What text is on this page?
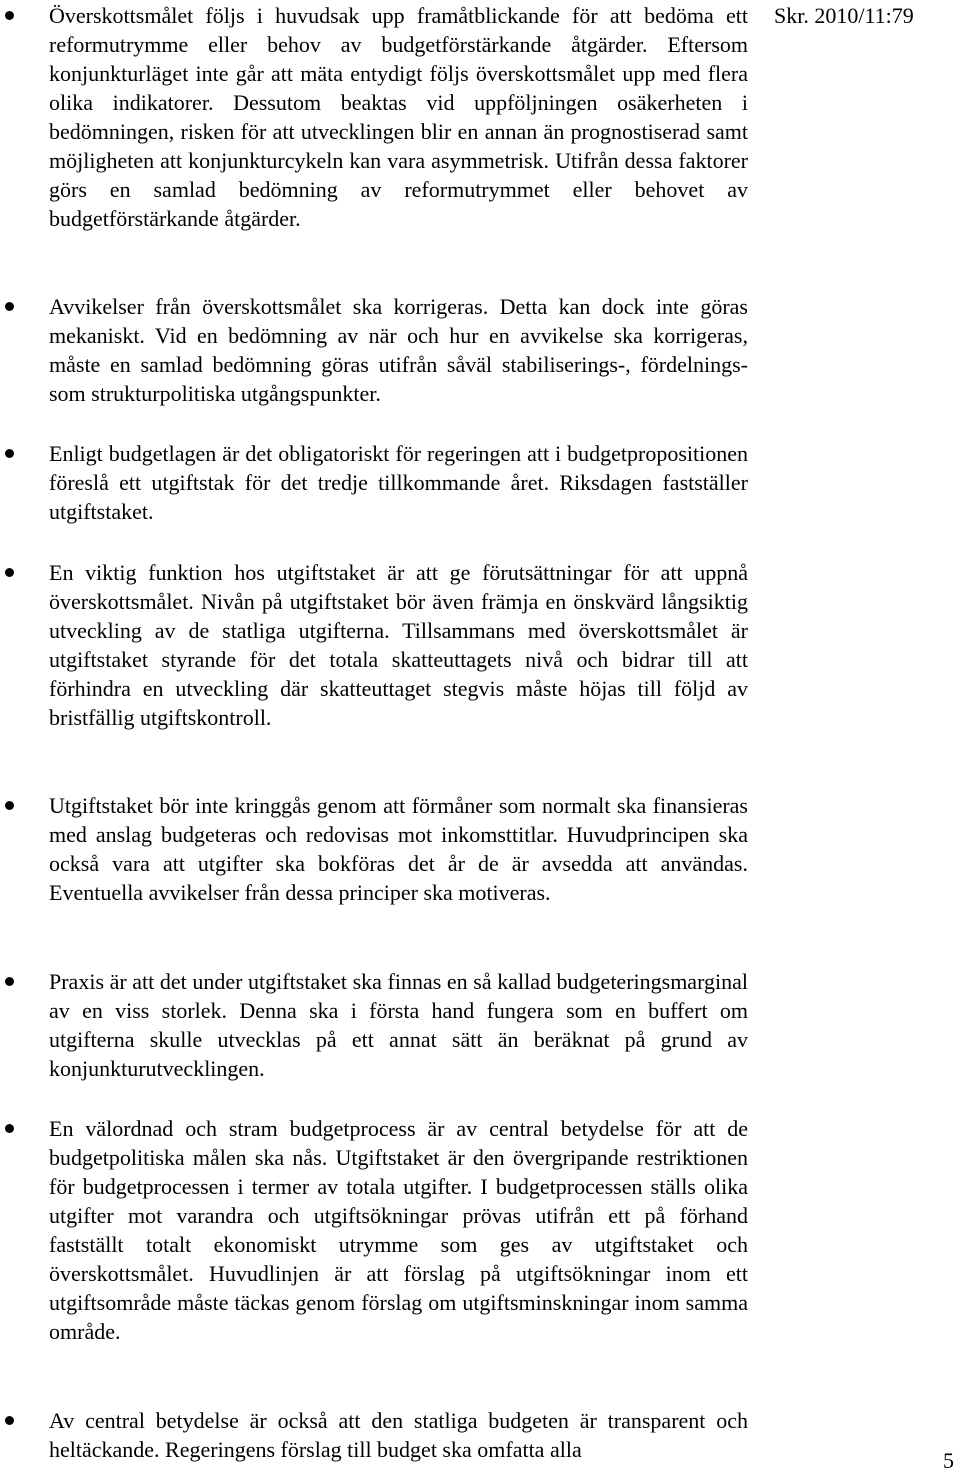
Överskottsmålet följs i huvudsak upp framåtblickande för att bedöma ett reformutrymme eller behov av budgetförstärkande åtgärder. Eftersom konjunkturläget inte går att mäta entydigt följs överskottsmålet upp med flera olika indikatorer. Dessutom beaktas vid uppföljningen osäkerheten i bedömningen, risken för att utvecklingen blir en annan än prognostiserad samt möjligheten att konjunkturcykeln kan vara asymmetrisk. Utifrån dessa faktorer görs en samlad bedömning av reformutrymmet eller behovet av budgetförstärkande åtgärder.

Avvikelser från överskottsmålet ska korrigeras. Detta kan dock inte göras mekaniskt. Vid en bedömning av när och hur en avvikelse ska korrigeras, måste en samlad bedömning göras utifrån såväl stabiliserings-, fördelnings- som strukturpolitiska utgångspunkter.

Enligt budgetlagen är det obligatoriskt för regeringen att i budgetpropositionen föreslå ett utgiftstak för det tredje tillkommande året. Riksdagen fastställer utgiftstaket.

En viktig funktion hos utgiftstaket är att ge förutsättningar för att uppnå överskottsmålet. Nivån på utgiftstaket bör även främja en önskvärd långsiktig utveckling av de statliga utgifterna. Tillsammans med överskottsmålet är utgiftstaket styrande för det totala skatteuttagets nivå och bidrar till att förhindra en utveckling där skatteuttaget stegvis måste höjas till följd av bristfällig utgiftskontroll.

Utgiftstaket bör inte kringgås genom att förmåner som normalt ska finansieras med anslag budgeteras och redovisas mot inkomsttitlar. Huvudprincipen ska också vara att utgifter ska bokföras det år de är avsedda att användas. Eventuella avvikelser från dessa principer ska motiveras.

Praxis är att det under utgiftstaket ska finnas en så kallad budgeteringsmarginal av en viss storlek. Denna ska i första hand fungera som en buffert om utgifterna skulle utvecklas på ett annat sätt än beräknat på grund av konjunkturutvecklingen.

En välordnad och stram budgetprocess är av central betydelse för att de budgetpolitiska målen ska nås. Utgiftstaket är den övergripande restriktionen för budgetprocessen i termer av totala utgifter. I budgetprocessen ställs olika utgifter mot varandra och utgiftsökningar prövas utifrån ett på förhand fastställt totalt ekonomiskt utrymme som ges av utgiftstaket och överskottsmålet. Huvudlinjen är att förslag på utgiftsökningar inom ett utgiftsområde måste täckas genom förslag om utgiftsminskningar inom samma område.

Av central betydelse är också att den statliga budgeten är transparent och heltäckande. Regeringens förslag till budget ska omfatta alla

Skr. 2010/11:79
5
